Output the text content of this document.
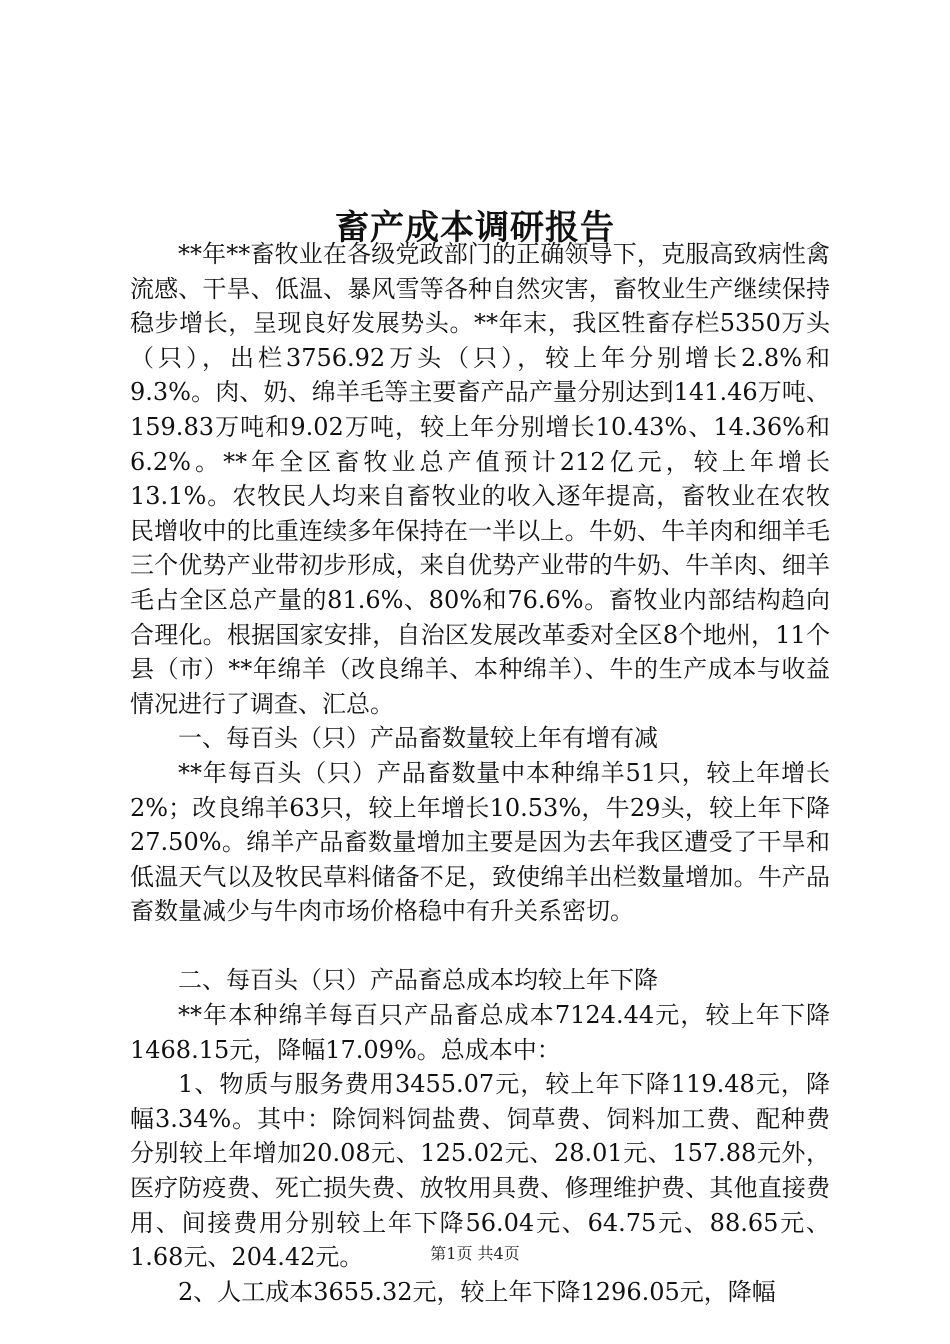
畜产成本调研报告

**年**畜牧业在各级党政部门的正确领导下，克服高致病性禽流感、干旱、低温、暴风雪等各种自然灾害，畜牧业生产继续保持稳步增长，呈现良好发展势头。**年末，我区牲畜存栏5350万头（只），出栏3756.92万头（只），较上年分别增长2.8%和9.3%。肉、奶、绵羊毛等主要畜产品产量分别达到141.46万吨、159.83万吨和9.02万吨，较上年分别增长10.43%、14.36%和6.2%。**年全区畜牧业总产值预计212亿元，较上年增长13.1%。农牧民人均来自畜牧业的收入逐年提高，畜牧业在农牧民增收中的比重连续多年保持在一半以上。牛奶、牛羊肉和细羊毛三个优势产业带初步形成，来自优势产业带的牛奶、牛羊肉、细羊毛占全区总产量的81.6%、80%和76.6%。畜牧业内部结构趋向合理化。根据国家安排，自治区发展改革委对全区8个地州，11个县（市）**年绵羊（改良绵羊、本种绵羊）、牛的生产成本与收益情况进行了调查、汇总。

一、每百头（只）产品畜数量较上年有增有减

**年每百头（只）产品畜数量中本种绵羊51只，较上年增长2%；改良绵羊63只，较上年增长10.53%，牛29头，较上年下降27.50%。绵羊产品畜数量增加主要是因为去年我区遭受了干旱和低温天气以及牧民草料储备不足，致使绵羊出栏数量增加。牛产品畜数量减少与牛肉市场价格稳中有升关系密切。

二、每百头（只）产品畜总成本均较上年下降

**年本种绵羊每百只产品畜总成本7124.44元，较上年下降1468.15元，降幅17.09%。总成本中：

1、物质与服务费用3455.07元，较上年下降119.48元，降幅3.34%。其中：除饲料饲盐费、饲草费、饲料加工费、配种费分别较上年增加20.08元、125.02元、28.01元、157.88元外，医疗防疫费、死亡损失费、放牧用具费、修理维护费、其他直接费用、间接费用分别较上年下降56.04元、64.75元、88.65元、1.68元、204.42元。

2、人工成本3655.32元，较上年下降1296.05元，降幅

第1页 共4页
